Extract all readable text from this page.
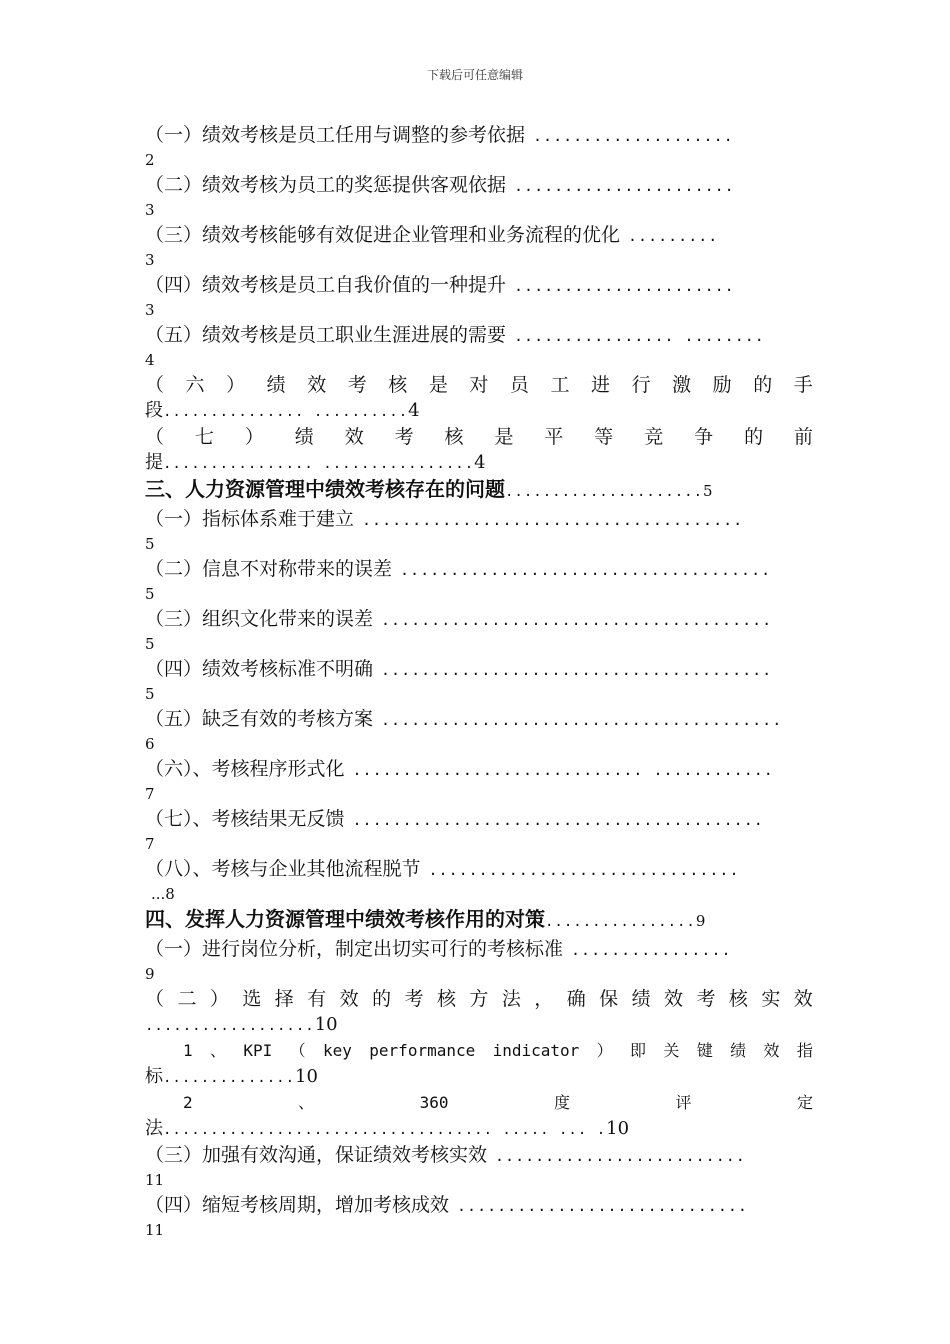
下载后可任意编辑
（一）绩效考核是员工任用与调整的参考依据 ....................
2
（二）绩效考核为员工的奖惩提供客观依据 ......................
3
（三）绩效考核能够有效促进企业管理和业务流程的优化 .........
3
（四）绩效考核是员工自我价值的一种提升 ......................
3
（五）绩效考核是员工职业生涯进展的需要 ................ ........
4
（ 六 ） 绩 效 考 核 是 对 员 工 进 行 激 励 的 手
段............... ..........4
（ 七 ） 绩 效 考 核 是 平 等 竞 争 的 前
提................ ................4
三、人力资源管理中绩效考核存在的问题 ..................... 5
（一）指标体系难于建立 ......................................
5
（二）信息不对称带来的误差 .....................................
5
（三）组织文化带来的误差 .......................................
5
（四）绩效考核标准不明确 .......................................
5
（五）缺乏有效的考核方案 ........................................
6
（六）、考核程序形式化 ............................. ............
7
（七）、考核结果无反馈 .........................................
7
（八）、考核与企业其他流程脱节 ...............................
...8
四、发挥人力资源管理中绩效考核作用的对策 ................ 9
（一）进行岗位分析，制定出切实可行的考核标准 ................
9
（ 二 ） 选 择 有 效 的 考 核 方 法 ， 确 保 绩 效 考 核 实 效
..................10
1 、 KPI （ key performance indicator ） 即 关 键 绩 效 指
标..............10
2	、	360	度	评	定
法................................... ..... ... .10
（三）加强有效沟通，保证绩效考核实效 .........................
11
（四）缩短考核周期，增加考核成效 .............................
11
